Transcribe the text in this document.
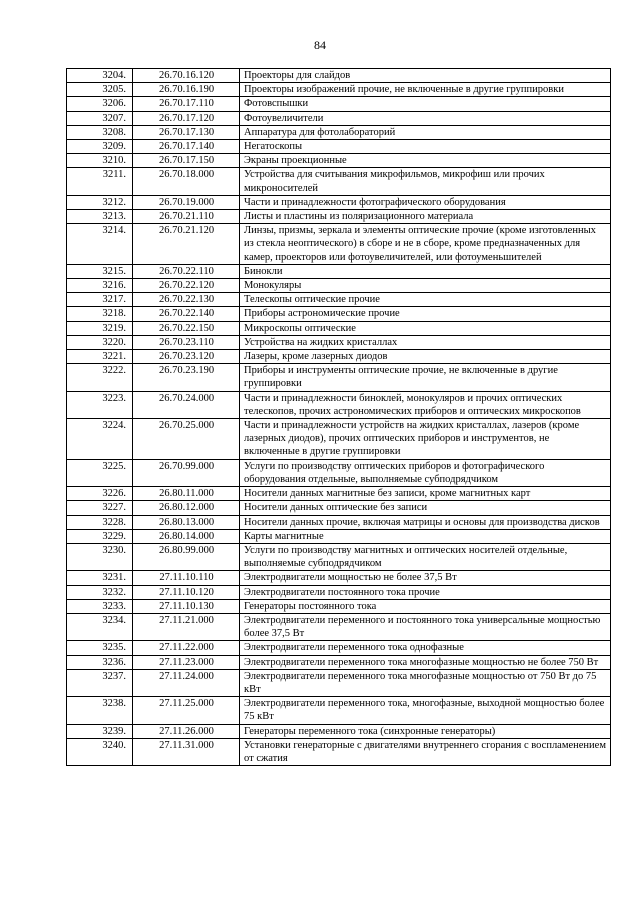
84
3204.	26.70.16.120	Проекторы для слайдов
3205.	26.70.16.190	Проекторы изображений прочие, не включенные в другие группировки
3206.	26.70.17.110	Фотовспышки
3207.	26.70.17.120	Фотоувеличители
3208.	26.70.17.130	Аппаратура для фотолабораторий
3209.	26.70.17.140	Негатоскопы
3210.	26.70.17.150	Экраны проекционные
3211.	26.70.18.000	Устройства для считывания микрофильмов, микрофиш или прочих микроносителей
3212.	26.70.19.000	Части и принадлежности фотографического оборудования
3213.	26.70.21.110	Листы и пластины из поляризационного материала
3214.	26.70.21.120	Линзы, призмы, зеркала и элементы оптические прочие (кроме изготовленных из стекла неоптического) в сборе и не в сборе, кроме предназначенных для камер, проекторов или фотоувеличителей, или фотоуменьшителей
3215.	26.70.22.110	Бинокли
3216.	26.70.22.120	Монокуляры
3217.	26.70.22.130	Телескопы оптические прочие
3218.	26.70.22.140	Приборы астрономические прочие
3219.	26.70.22.150	Микроскопы оптические
3220.	26.70.23.110	Устройства на жидких кристаллах
3221.	26.70.23.120	Лазеры, кроме лазерных диодов
3222.	26.70.23.190	Приборы и инструменты оптические прочие, не включенные в другие группировки
3223.	26.70.24.000	Части и принадлежности биноклей, монокуляров и прочих оптических телескопов, прочих астрономических приборов и оптических микроскопов
3224.	26.70.25.000	Части и принадлежности устройств на жидких кристаллах, лазеров (кроме лазерных диодов), прочих оптических приборов и инструментов, не включенные в другие группировки
3225.	26.70.99.000	Услуги по производству оптических приборов и фотографического оборудования отдельные, выполняемые субподрядчиком
3226.	26.80.11.000	Носители данных магнитные без записи, кроме магнитных карт
3227.	26.80.12.000	Носители данных оптические без записи
3228.	26.80.13.000	Носители данных прочие, включая матрицы и основы для производства дисков
3229.	26.80.14.000	Карты магнитные
3230.	26.80.99.000	Услуги по производству магнитных и оптических носителей отдельные, выполняемые субподрядчиком
3231.	27.11.10.110	Электродвигатели мощностью не более 37,5 Вт
3232.	27.11.10.120	Электродвигатели постоянного тока прочие
3233.	27.11.10.130	Генераторы постоянного тока
3234.	27.11.21.000	Электродвигатели переменного и постоянного тока универсальные мощностью более 37,5 Вт
3235.	27.11.22.000	Электродвигатели переменного тока однофазные
3236.	27.11.23.000	Электродвигатели переменного тока многофазные мощностью не более 750 Вт
3237.	27.11.24.000	Электродвигатели переменного тока многофазные мощностью от 750 Вт до 75 кВт
3238.	27.11.25.000	Электродвигатели переменного тока, многофазные, выходной мощностью более 75 кВт
3239.	27.11.26.000	Генераторы переменного тока (синхронные генераторы)
3240.	27.11.31.000	Установки генераторные с двигателями внутреннего сгорания с воспламенением от сжатия
